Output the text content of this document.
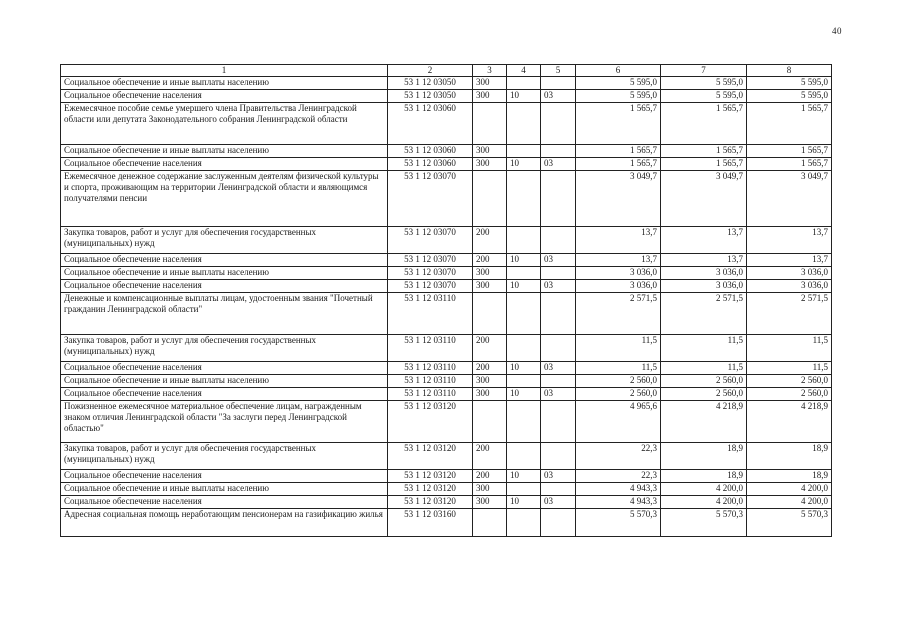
40
1	2	3	4	5	6	7	8
Социальное обеспечение и иные выплаты населению	53 1 12 03050	300			5 595,0	5 595,0	5 595,0
Социальное обеспечение населения	53 1 12 03050	300	10	03	5 595,0	5 595,0	5 595,0
Ежемесячное пособие семье умершего члена Правительства Ленинградской области или депутата Законодательного собрания Ленинградской области	53 1 12 03060				1 565,7	1 565,7	1 565,7
Социальное обеспечение и иные выплаты населению	53 1 12 03060	300			1 565,7	1 565,7	1 565,7
Социальное обеспечение населения	53 1 12 03060	300	10	03	1 565,7	1 565,7	1 565,7
Ежемесячное денежное содержание заслуженным деятелям физической культуры и спорта, проживающим на территории Ленинградской области и являющимся получателями пенсии	53 1 12 03070				3 049,7	3 049,7	3 049,7
Закупка товаров, работ и услуг для обеспечения государственных (муниципальных) нужд	53 1 12 03070	200			13,7	13,7	13,7
Социальное обеспечение населения	53 1 12 03070	200	10	03	13,7	13,7	13,7
Социальное обеспечение и иные выплаты населению	53 1 12 03070	300			3 036,0	3 036,0	3 036,0
Социальное обеспечение населения	53 1 12 03070	300	10	03	3 036,0	3 036,0	3 036,0
Денежные и компенсационные выплаты лицам, удостоенным звания "Почетный гражданин Ленинградской области"	53 1 12 03110				2 571,5	2 571,5	2 571,5
Закупка товаров, работ и услуг для обеспечения государственных (муниципальных) нужд	53 1 12 03110	200			11,5	11,5	11,5
Социальное обеспечение населения	53 1 12 03110	200	10	03	11,5	11,5	11,5
Социальное обеспечение и иные выплаты населению	53 1 12 03110	300			2 560,0	2 560,0	2 560,0
Социальное обеспечение населения	53 1 12 03110	300	10	03	2 560,0	2 560,0	2 560,0
Пожизненное ежемесячное материальное обеспечение лицам, награжденным знаком отличия Ленинградской области "За заслуги перед Ленинградской областью"	53 1 12 03120				4 965,6	4 218,9	4 218,9
Закупка товаров, работ и услуг для обеспечения государственных (муниципальных) нужд	53 1 12 03120	200			22,3	18,9	18,9
Социальное обеспечение населения	53 1 12 03120	200	10	03	22,3	18,9	18,9
Социальное обеспечение и иные выплаты населению	53 1 12 03120	300			4 943,3	4 200,0	4 200,0
Социальное обеспечение населения	53 1 12 03120	300	10	03	4 943,3	4 200,0	4 200,0
Адресная социальная помощь неработающим пенсионерам на газификацию жилья	53 1 12 03160				5 570,3	5 570,3	5 570,3
